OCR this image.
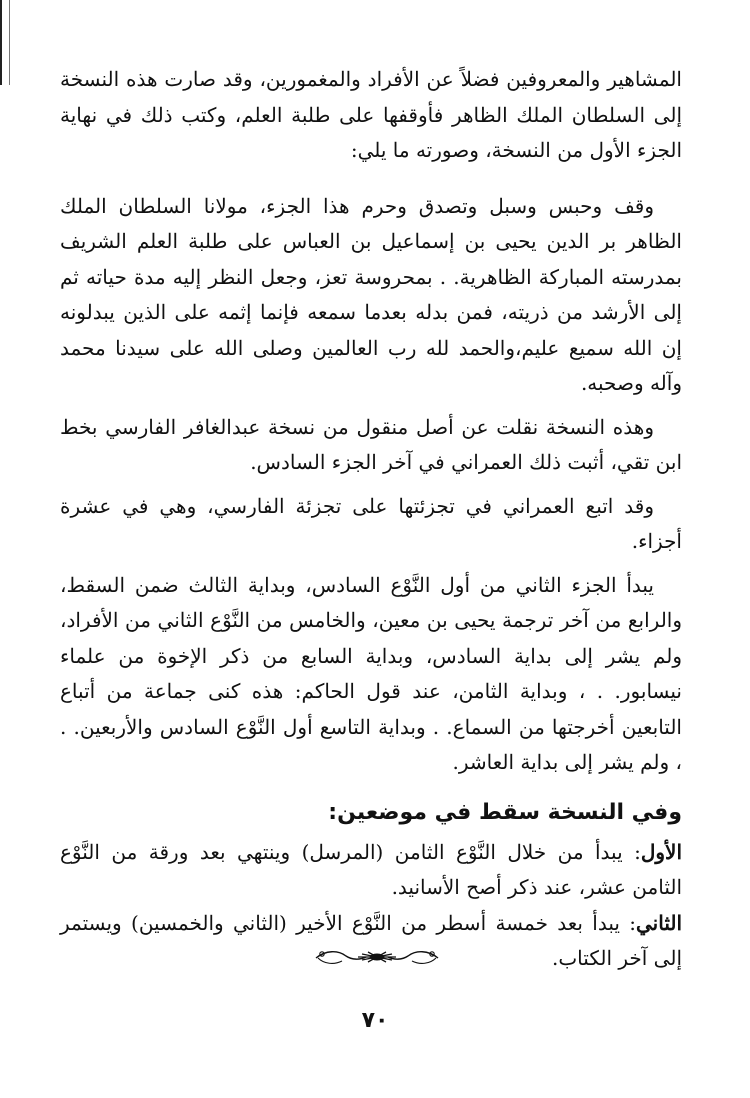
المشاهير والمعروفين فضلاً عن الأفراد والمغمورين، وقد صارت هذه النسخة إلى السلطان الملك الظاهر فأوقفها على طلبة العلم، وكتب ذلك في نهاية الجزء الأول من النسخة، وصورته ما يلي:

وقف وحبس وسبل وتصدق وحرم هذا الجزء، مولانا السلطان الملك الظاهر بر الدين يحيى بن إسماعيل بن العباس على طلبة العلم الشريف بمدرسته المباركة الظاهرية. . بمحروسة تعز، وجعل النظر إليه مدة حياته ثم إلى الأرشد من ذريته، فمن بدله بعدما سمعه فإنما إثمه على الذين يبدلونه إن الله سميع عليم،والحمد لله رب العالمين وصلى الله على سيدنا محمد وآله وصحبه.

وهذه النسخة نقلت عن أصل منقول من نسخة عبدالغافر الفارسي بخط ابن تقي، أثبت ذلك العمراني في آخر الجزء السادس.

وقد اتبع العمراني في تجزئتها على تجزئة الفارسي، وهي في عشرة أجزاء.

يبدأ الجزء الثاني من أول النَّوْع السادس، وبداية الثالث ضمن السقط، والرابع من آخر ترجمة يحيى بن معين، والخامس من النَّوْع الثاني من الأفراد، ولم يشر إلى بداية السادس، وبداية السابع من ذكر الإخوة من علماء نيسابور. . ، وبداية الثامن، عند قول الحاكم: هذه كنى جماعة من أتباع التابعين أخرجتها من السماع. . وبداية التاسع أول النَّوْع السادس والأربعين. . ، ولم يشر إلى بداية العاشر.

وفي النسخة سقط في موضعين:

الأول: يبدأ من خلال النَّوْع الثامن (المرسل) وينتهي بعد ورقة من النَّوْع الثامن عشر، عند ذكر أصح الأسانيد.

الثاني: يبدأ بعد خمسة أسطر من النَّوْع الأخير (الثاني والخمسين) ويستمر إلى آخر الكتاب.

٧٠
